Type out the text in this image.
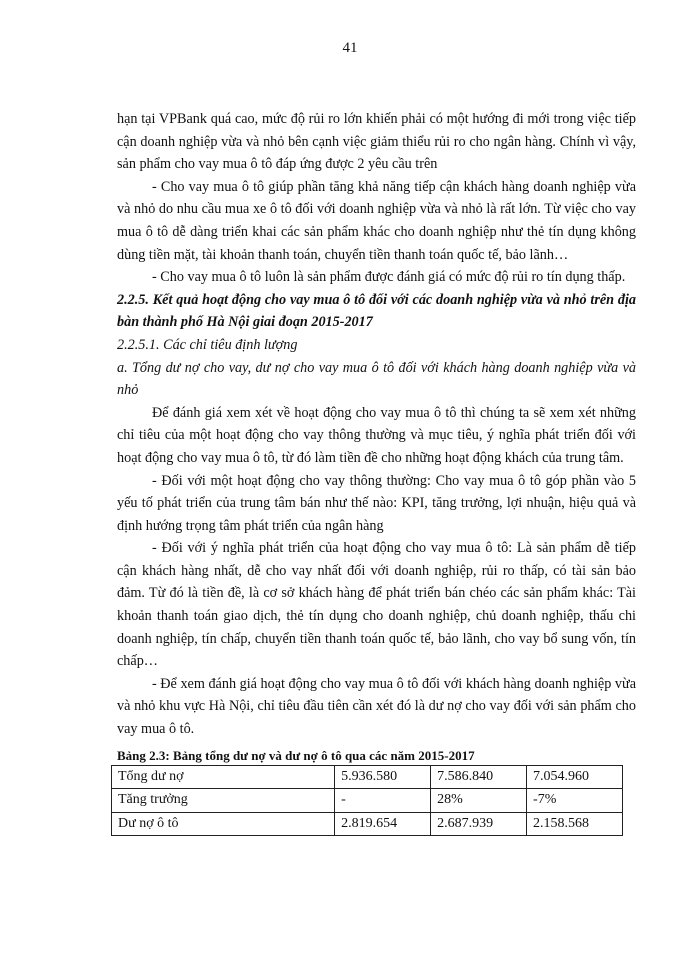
41

hạn tại VPBank quá cao, mức độ rủi ro lớn khiến phải có một hướng đi mới trong việc tiếp cận doanh nghiệp vừa và nhỏ bên cạnh việc giảm thiểu rủi ro cho ngân hàng. Chính vì vậy, sản phẩm cho vay mua ô tô đáp ứng được 2 yêu cầu trên

- Cho vay mua ô tô giúp phần tăng khả năng tiếp cận khách hàng doanh nghiệp vừa và nhỏ do nhu cầu mua xe ô tô đối với doanh nghiệp vừa và nhỏ là rất lớn. Từ việc cho vay mua ô tô dễ dàng triển khai các sản phẩm khác cho doanh nghiệp như thẻ tín dụng không dùng tiền mặt, tài khoản thanh toán, chuyển tiền thanh toán quốc tế, bảo lãnh…

- Cho vay mua ô tô luôn là sản phẩm được đánh giá có mức độ rủi ro tín dụng thấp.

2.2.5. Kết quả hoạt động cho vay mua ô tô đối với các doanh nghiệp vừa và nhỏ trên địa bàn thành phố Hà Nội giai đoạn 2015-2017

2.2.5.1. Các chỉ tiêu định lượng

a. Tổng dư nợ cho vay, dư nợ cho vay mua ô tô đối với khách hàng doanh nghiệp vừa và nhỏ

Để đánh giá xem xét về hoạt động cho vay mua ô tô thì chúng ta sẽ xem xét những chỉ tiêu của một hoạt động cho vay thông thường và mục tiêu, ý nghĩa phát triển đối với hoạt động cho vay mua ô tô, từ đó làm tiền đề cho những hoạt động khách của trung tâm.

- Đối với một hoạt động cho vay thông thường: Cho vay mua ô tô góp phần vào 5 yếu tố phát triển của trung tâm bán như thế nào: KPI, tăng trưởng, lợi nhuận, hiệu quả và định hướng trọng tâm phát triển của ngân hàng

- Đối với ý nghĩa phát triển của hoạt động cho vay mua ô tô: Là sản phẩm dễ tiếp cận khách hàng nhất, dễ cho vay nhất đối với doanh nghiệp, rủi ro thấp, có tài sản bảo đảm. Từ đó là tiền đề, là cơ sở khách hàng để phát triển bán chéo các sản phẩm khác: Tài khoản thanh toán giao dịch, thẻ tín dụng cho doanh nghiệp, chủ doanh nghiệp, thấu chi doanh nghiệp, tín chấp, chuyển tiền thanh toán quốc tế, bảo lãnh, cho vay bổ sung vốn, tín chấp…

- Để xem đánh giá hoạt động cho vay mua ô tô đối với khách hàng doanh nghiệp vừa và nhỏ khu vực Hà Nội, chỉ tiêu đầu tiên cần xét đó là dư nợ cho vay đối với sản phẩm cho vay mua ô tô.

Bảng 2.3: Bảng tổng dư nợ và dư nợ ô tô qua các năm 2015-2017

Tổng dư nợ	5.936.580	7.586.840	7.054.960
Tăng trưởng	-	28%	-7%
Dư nợ ô tô	2.819.654	2.687.939	2.158.568
